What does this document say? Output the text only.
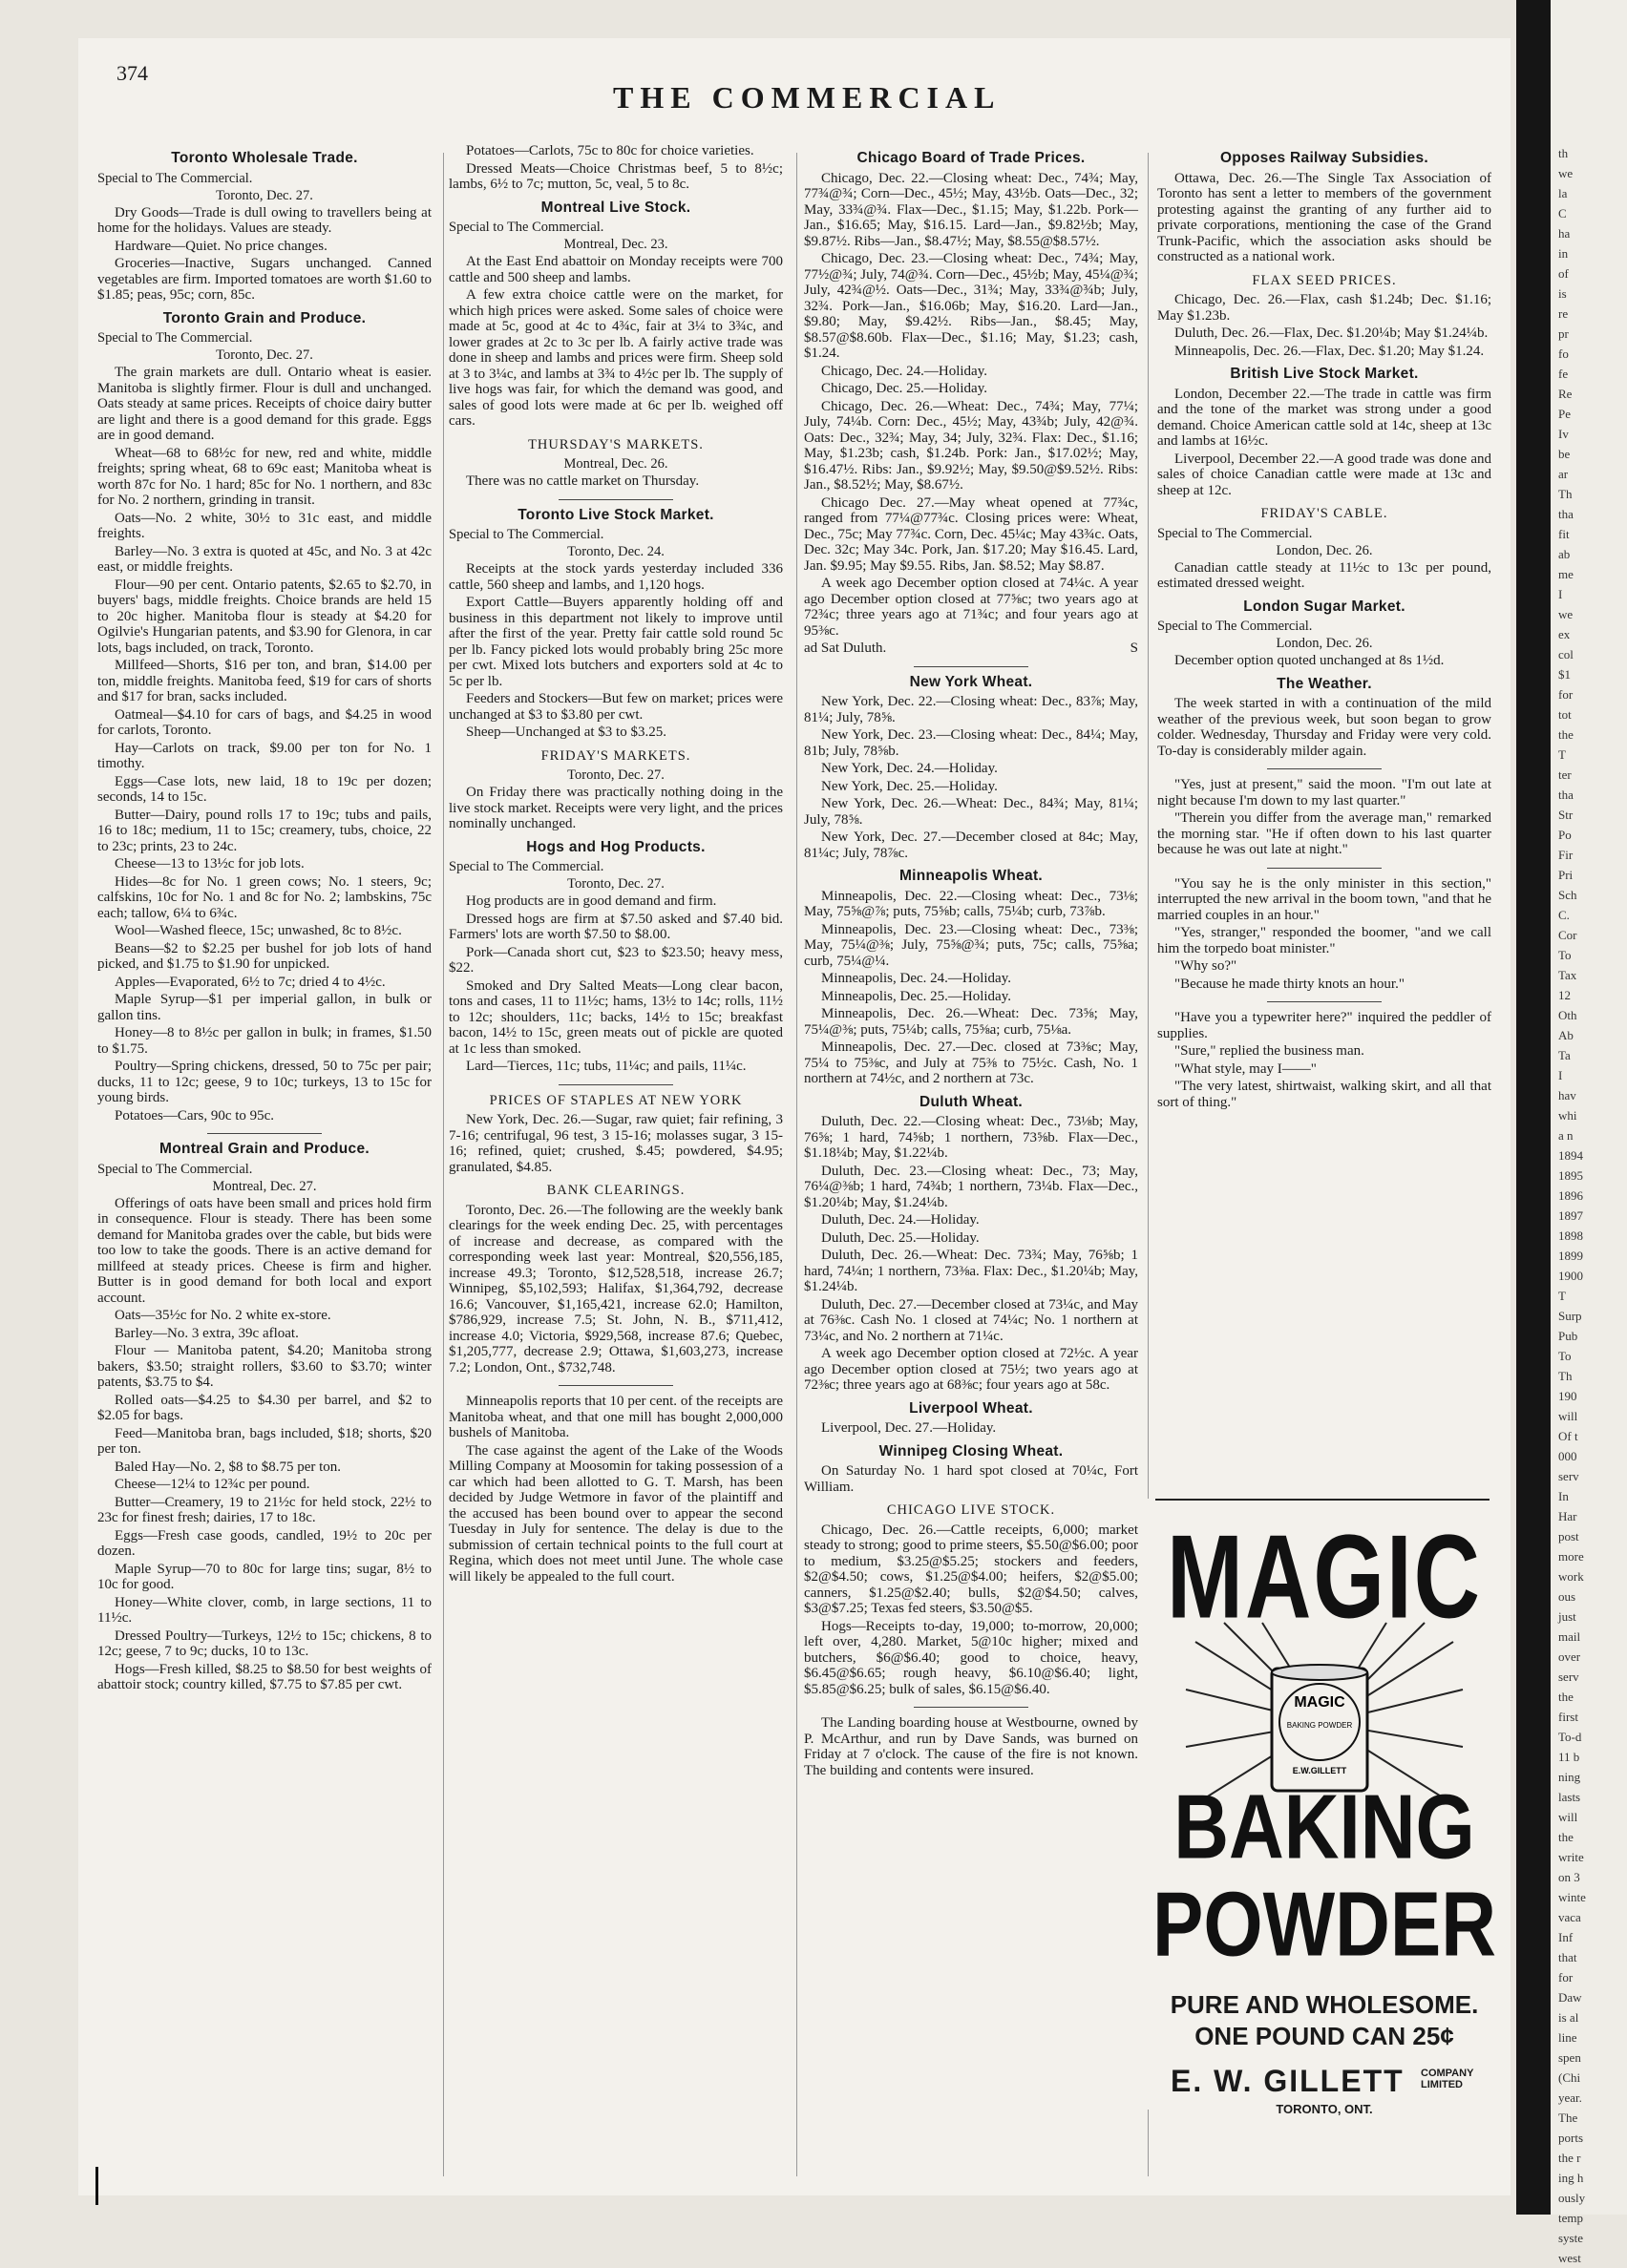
374
THE COMMERCIAL
Toronto Wholesale Trade.

Special to The Commercial.

Toronto, Dec. 27.

Dry Goods—Trade is dull owing to travellers being at home for the holidays. Values are steady.

Hardware—Quiet. No price changes.

Groceries—Inactive, Sugars unchanged. Canned vegetables are firm. Imported tomatoes are worth $1.60 to $1.85; peas, 95c; corn, 85c.

Toronto Grain and Produce.

Special to The Commercial.

Toronto, Dec. 27.

The grain markets are dull. Ontario wheat is easier. Manitoba is slightly firmer. Flour is dull and unchanged. Oats steady at same prices. Receipts of choice dairy butter are light and there is a good demand for this grade. Eggs are in good demand.

Wheat—68 to 68½c for new, red and white, middle freights; spring wheat, 68 to 69c east; Manitoba wheat is worth 87c for No. 1 hard; 85c for No. 1 northern, and 83c for No. 2 northern, grinding in transit.

Oats—No. 2 white, 30½ to 31c east, and middle freights.

Barley—No. 3 extra is quoted at 45c, and No. 3 at 42c east, or middle freights.

Flour—90 per cent. Ontario patents, $2.65 to $2.70, in buyers' bags, middle freights. Choice brands are held 15 to 20c higher. Manitoba flour is steady at $4.20 for Ogilvie's Hungarian patents, and $3.90 for Glenora, in car lots, bags included, on track, Toronto.

Millfeed—Shorts, $16 per ton, and bran, $14.00 per ton, middle freights. Manitoba feed, $19 for cars of shorts and $17 for bran, sacks included.

Oatmeal—$4.10 for cars of bags, and $4.25 in wood for carlots, Toronto.

Hay—Carlots on track, $9.00 per ton for No. 1 timothy.

Eggs—Case lots, new laid, 18 to 19c per dozen; seconds, 14 to 15c.

Butter—Dairy, pound rolls 17 to 19c; tubs and pails, 16 to 18c; medium, 11 to 15c; creamery, tubs, choice, 22 to 23c; prints, 23 to 24c.

Cheese—13 to 13½c for job lots.

Hides—8c for No. 1 green cows; No. 1 steers, 9c; calfskins, 10c for No. 1 and 8c for No. 2; lambskins, 75c each; tallow, 6¼ to 6¾c.

Wool—Washed fleece, 15c; unwashed, 8c to 8½c.

Beans—$2 to $2.25 per bushel for job lots of hand picked, and $1.75 to $1.90 for unpicked.

Apples—Evaporated, 6½ to 7c; dried 4 to 4½c.

Maple Syrup—$1 per imperial gallon, in bulk or gallon tins.

Honey—8 to 8½c per gallon in bulk; in frames, $1.50 to $1.75.

Poultry—Spring chickens, dressed, 50 to 75c per pair; ducks, 11 to 12c; geese, 9 to 10c; turkeys, 13 to 15c for young birds.

Potatoes—Cars, 90c to 95c.

Montreal Grain and Produce.

Special to The Commercial.

Montreal, Dec. 27.

Offerings of oats have been small and prices hold firm in consequence. Flour is steady. There has been some demand for Manitoba grades over the cable, but bids were too low to take the goods. There is an active demand for millfeed at steady prices. Cheese is firm and higher. Butter is in good demand for both local and export account.

Oats—35½c for No. 2 white ex-store.

Barley—No. 3 extra, 39c afloat.

Flour — Manitoba patent, $4.20; Manitoba strong bakers, $3.50; straight rollers, $3.60 to $3.70; winter patents, $3.75 to $4.

Rolled oats—$4.25 to $4.30 per barrel, and $2 to $2.05 for bags.

Feed—Manitoba bran, bags included, $18; shorts, $20 per ton.

Baled Hay—No. 2, $8 to $8.75 per ton.

Cheese—12¼ to 12¾c per pound.

Butter—Creamery, 19 to 21½c for held stock, 22½ to 23c for finest fresh; dairies, 17 to 18c.

Eggs—Fresh case goods, candled, 19½ to 20c per dozen.

Maple Syrup—70 to 80c for large tins; sugar, 8½ to 10c for good.

Honey—White clover, comb, in large sections, 11 to 11½c.

Dressed Poultry—Turkeys, 12½ to 15c; chickens, 8 to 12c; geese, 7 to 9c; ducks, 10 to 13c.

Hogs—Fresh killed, $8.25 to $8.50 for best weights of abattoir stock; country killed, $7.75 to $7.85 per cwt.

Potatoes—Carlots, 75c to 80c for choice varieties.

Dressed Meats—Choice Christmas beef, 5 to 8½c; lambs, 6½ to 7c; mutton, 5c, veal, 5 to 8c.

Montreal Live Stock.

Special to The Commercial.

Montreal, Dec. 23.

At the East End abattoir on Monday receipts were 700 cattle and 500 sheep and lambs.

A few extra choice cattle were on the market, for which high prices were asked. Some sales of choice were made at 5c, good at 4c to 4¾c, fair at 3¼ to 3¾c, and lower grades at 2c to 3c per lb. A fairly active trade was done in sheep and lambs and prices were firm. Sheep sold at 3 to 3¼c, and lambs at 3¾ to 4½c per lb. The supply of live hogs was fair, for which the demand was good, and sales of good lots were made at 6c per lb. weighed off cars.

THURSDAY'S MARKETS.

Montreal, Dec. 26.

There was no cattle market on Thursday.

Toronto Live Stock Market.

Special to The Commercial.

Toronto, Dec. 24.

Receipts at the stock yards yesterday included 336 cattle, 560 sheep and lambs, and 1,120 hogs.

Export Cattle—Buyers apparently holding off and business in this department not likely to improve until after the first of the year. Pretty fair cattle sold round 5c per lb. Fancy picked lots would probably bring 25c more per cwt. Mixed lots butchers and exporters sold at 4c to 5c per lb.

Feeders and Stockers—But few on market; prices were unchanged at $3 to $3.80 per cwt.

Sheep—Unchanged at $3 to $3.25.

FRIDAY'S MARKETS.

Toronto, Dec. 27.

On Friday there was practically nothing doing in the live stock market. Receipts were very light, and the prices nominally unchanged.

Hogs and Hog Products.

Special to The Commercial.

Toronto, Dec. 27.

Hog products are in good demand and firm.

Dressed hogs are firm at $7.50 asked and $7.40 bid. Farmers' lots are worth $7.50 to $8.00.

Pork—Canada short cut, $23 to $23.50; heavy mess, $22.

Smoked and Dry Salted Meats—Long clear bacon, tons and cases, 11 to 11½c; hams, 13½ to 14c; rolls, 11½ to 12c; shoulders, 11c; backs, 14½ to 15c; breakfast bacon, 14½ to 15c, green meats out of pickle are quoted at 1c less than smoked.

Lard—Tierces, 11c; tubs, 11¼c; and pails, 11¼c.

PRICES OF STAPLES AT NEW YORK

New York, Dec. 26.—Sugar, raw quiet; fair refining, 3 7-16; centrifugal, 96 test, 3 15-16; molasses sugar, 3 15-16; refined, quiet; crushed, $.45; powdered, $4.95; granulated, $4.85.

BANK CLEARINGS.

Toronto, Dec. 26.—The following are the weekly bank clearings for the week ending Dec. 25, with percentages of increase and decrease, as compared with the corresponding week last year: Montreal, $20,556,185, increase 49.3; Toronto, $12,528,518, increase 26.7; Winnipeg, $5,102,593; Halifax, $1,364,792, decrease 16.6; Vancouver, $1,165,421, increase 62.0; Hamilton, $786,929, increase 7.5; St. John, N. B., $711,412, increase 4.0; Victoria, $929,568, increase 87.6; Quebec, $1,205,777, decrease 2.9; Ottawa, $1,603,273, increase 7.2; London, Ont., $732,748.

Minneapolis reports that 10 per cent. of the receipts are Manitoba wheat, and that one mill has bought 2,000,000 bushels of Manitoba.

The case against the agent of the Lake of the Woods Milling Company at Moosomin for taking possession of a car which had been allotted to G. T. Marsh, has been decided by Judge Wetmore in favor of the plaintiff and the accused has been bound over to appear the second Tuesday in July for sentence. The delay is due to the submission of certain technical points to the full court at Regina, which does not meet until June. The whole case will likely be appealed to the full court.

Chicago Board of Trade Prices.

Chicago, Dec. 22.—Closing wheat: Dec., 74¾; May, 77¾@¾; Corn—Dec., 45½; May, 43½b. Oats—Dec., 32; May, 33¾@¾. Flax—Dec., $1.15; May, $1.22b. Pork—Jan., $16.65; May, $16.15. Lard—Jan., $9.82½b; May, $9.87½. Ribs—Jan., $8.47½; May, $8.55@$8.57½.

Chicago, Dec. 23.—Closing wheat: Dec., 74¾; May, 77½@¾; July, 74@¾. Corn—Dec., 45½b; May, 45¼@¾; July, 42¾@½. Oats—Dec., 31¾; May, 33¾@¾b; July, 32¾. Pork—Jan., $16.06b; May, $16.20. Lard—Jan., $9.80; May, $9.42½. Ribs—Jan., $8.45; May, $8.57@$8.60b. Flax—Dec., $1.16; May, $1.23; cash, $1.24.

Chicago, Dec. 24.—Holiday.

Chicago, Dec. 25.—Holiday.

Chicago, Dec. 26.—Wheat: Dec., 74¾; May, 77¼; July, 74¼b. Corn: Dec., 45½; May, 43¾b; July, 42@¾. Oats: Dec., 32¾; May, 34; July, 32¾. Flax: Dec., $1.16; May, $1.23b; cash, $1.24b. Pork: Jan., $17.02½; May, $16.47½. Ribs: Jan., $9.92½; May, $9.50@$9.52½. Ribs: Jan., $8.52½; May, $8.67½.

Chicago Dec. 27.—May wheat opened at 77¾c, ranged from 77¼@77¾c. Closing prices were: Wheat, Dec., 75c; May 77¾c. Corn, Dec. 45¼c; May 43¾c. Oats, Dec. 32c; May 34c. Pork, Jan. $17.20; May $16.45. Lard, Jan. $9.95; May $9.55. Ribs, Jan. $8.52; May $8.87.

A week ago December option closed at 74¼c. A year ago December option closed at 77⅝c; two years ago at 72¾c; three years ago at 71¾c; and four years ago at 95⅜c.

ad Sat Duluth.	S

New York Wheat.

New York, Dec. 22.—Closing wheat: Dec., 83⅞; May, 81¼; July, 78⅝.

New York, Dec. 23.—Closing wheat: Dec., 84¼; May, 81b; July, 78⅝b.

New York, Dec. 24.—Holiday.

New York, Dec. 25.—Holiday.

New York, Dec. 26.—Wheat: Dec., 84¾; May, 81¼; July, 78⅝.

New York, Dec. 27.—December closed at 84c; May, 81¼c; July, 78⅞c.

Minneapolis Wheat.

Minneapolis, Dec. 22.—Closing wheat: Dec., 73⅛; May, 75⅝@⅞; puts, 75⅝b; calls, 75¼b; curb, 73⅞b.

Minneapolis, Dec. 23.—Closing wheat: Dec., 73⅜; May, 75¼@⅜; July, 75⅝@¾; puts, 75c; calls, 75⅝a; curb, 75¼@¼.

Minneapolis, Dec. 24.—Holiday.

Minneapolis, Dec. 25.—Holiday.

Minneapolis, Dec. 26.—Wheat: Dec. 73⅝; May, 75¼@⅜; puts, 75¼b; calls, 75⅝a; curb, 75⅛a.

Minneapolis, Dec. 27.—Dec. closed at 73⅜c; May, 75¼ to 75⅜c, and July at 75⅜ to 75½c. Cash, No. 1 northern at 74½c, and 2 northern at 73c.

Duluth Wheat.

Duluth, Dec. 22.—Closing wheat: Dec., 73⅛b; May, 76⅝; 1 hard, 74⅝b; 1 northern, 73⅝b. Flax—Dec., $1.18¼b; May, $1.22¼b.

Duluth, Dec. 23.—Closing wheat: Dec., 73; May, 76¼@⅜b; 1 hard, 74¾b; 1 northern, 73¼b. Flax—Dec., $1.20¼b; May, $1.24¼b.

Duluth, Dec. 24.—Holiday.

Duluth, Dec. 25.—Holiday.

Duluth, Dec. 26.—Wheat: Dec. 73¾; May, 76⅝b; 1 hard, 74¼n; 1 northern, 73⅜a. Flax: Dec., $1.20¼b; May, $1.24¼b.

Duluth, Dec. 27.—December closed at 73¼c, and May at 76⅜c. Cash No. 1 closed at 74¼c; No. 1 northern at 73¼c, and No. 2 northern at 71¼c.

A week ago December option closed at 72½c. A year ago December option closed at 75½; two years ago at 72⅜c; three years ago at 68⅜c; four years ago at 58c.

Liverpool Wheat.

Liverpool, Dec. 27.—Holiday.

Winnipeg Closing Wheat.

On Saturday No. 1 hard spot closed at 70¼c, Fort William.

CHICAGO LIVE STOCK.

Chicago, Dec. 26.—Cattle receipts, 6,000; market steady to strong; good to prime steers, $5.50@$6.00; poor to medium, $3.25@$5.25; stockers and feeders, $2@$4.50; cows, $1.25@$4.00; heifers, $2@$5.00; canners, $1.25@$2.40; bulls, $2@$4.50; calves, $3@$7.25; Texas fed steers, $3.50@$5.

Hogs—Receipts to-day, 19,000; to-morrow, 20,000; left over, 4,280. Market, 5@10c higher; mixed and butchers, $6@$6.40; good to choice, heavy, $6.45@$6.65; rough heavy, $6.10@$6.40; light, $5.85@$6.25; bulk of sales, $6.15@$6.40.

The Landing boarding house at Westbourne, owned by P. McArthur, and run by Dave Sands, was burned on Friday at 7 o'clock. The cause of the fire is not known. The building and contents were insured.

Opposes Railway Subsidies.

Ottawa, Dec. 26.—The Single Tax Association of Toronto has sent a letter to members of the government protesting against the granting of any further aid to private corporations, mentioning the case of the Grand Trunk-Pacific, which the association asks should be constructed as a national work.

FLAX SEED PRICES.

Chicago, Dec. 26.—Flax, cash $1.24b; Dec. $1.16; May $1.23b.

Duluth, Dec. 26.—Flax, Dec. $1.20¼b; May $1.24¼b.

Minneapolis, Dec. 26.—Flax, Dec. $1.20; May $1.24.

British Live Stock Market.

London, December 22.—The trade in cattle was firm and the tone of the market was strong under a good demand. Choice American cattle sold at 14c, sheep at 13c and lambs at 16½c.

Liverpool, December 22.—A good trade was done and sales of choice Canadian cattle were made at 13c and sheep at 12c.

FRIDAY'S CABLE.

Special to The Commercial.

London, Dec. 26.

Canadian cattle steady at 11½c to 13c per pound, estimated dressed weight.

London Sugar Market.

Special to The Commercial.

London, Dec. 26.

December option quoted unchanged at 8s 1½d.

The Weather.

The week started in with a continuation of the mild weather of the previous week, but soon began to grow colder. Wednesday, Thursday and Friday were very cold. To-day is considerably milder again.

"Yes, just at present," said the moon. "I'm out late at night because I'm down to my last quarter."

"Therein you differ from the average man," remarked the morning star. "He if often down to his last quarter because he was out late at night."

"You say he is the only minister in this section," interrupted the new arrival in the boom town, "and that he married couples in an hour."

"Yes, stranger," responded the boomer, "and we call him the torpedo boat minister."

"Why so?"

"Because he made thirty knots an hour."

"Have you a typewriter here?" inquired the peddler of supplies.

"Sure," replied the business man.

"What style, may I——"

"The very latest, shirtwaist, walking skirt, and all that sort of thing."

MAGIC
MAGIC
BAKING POWDER
E.W.GILLETT
BAKING
POWDER
PURE AND WHOLESOME.
ONE POUND CAN 25¢
E. W. GILLETT COMPANY
LIMITED
TORONTO, ONT.
th
we
la
C
ha
in
of
is
re
pr
fo
fe
Re
Pe
Iv
be
ar
Th
tha
fit
ab
me
I
we
ex
col
$1
for
tot
the
T
ter
tha
Str
Po
Fir
Pri
Sch
C.
Cor
To
Tax
12
Oth
Ab
Ta
I
hav
whi
a n
1894
1895
1896
1897
1898
1899
1900
T
Surp
Pub
To
Th
190
will
Of t
000
serv
In
Har
post
more
work
ous
just
mail
over
serv
the
first
To-d
11 b
ning
lasts
will
the
write
on 3
winte
vaca
Inf
that
for
Daw
is al
line
spen
(Chi
year.
The
ports
the r
ing h
ously
temp
syste
west
